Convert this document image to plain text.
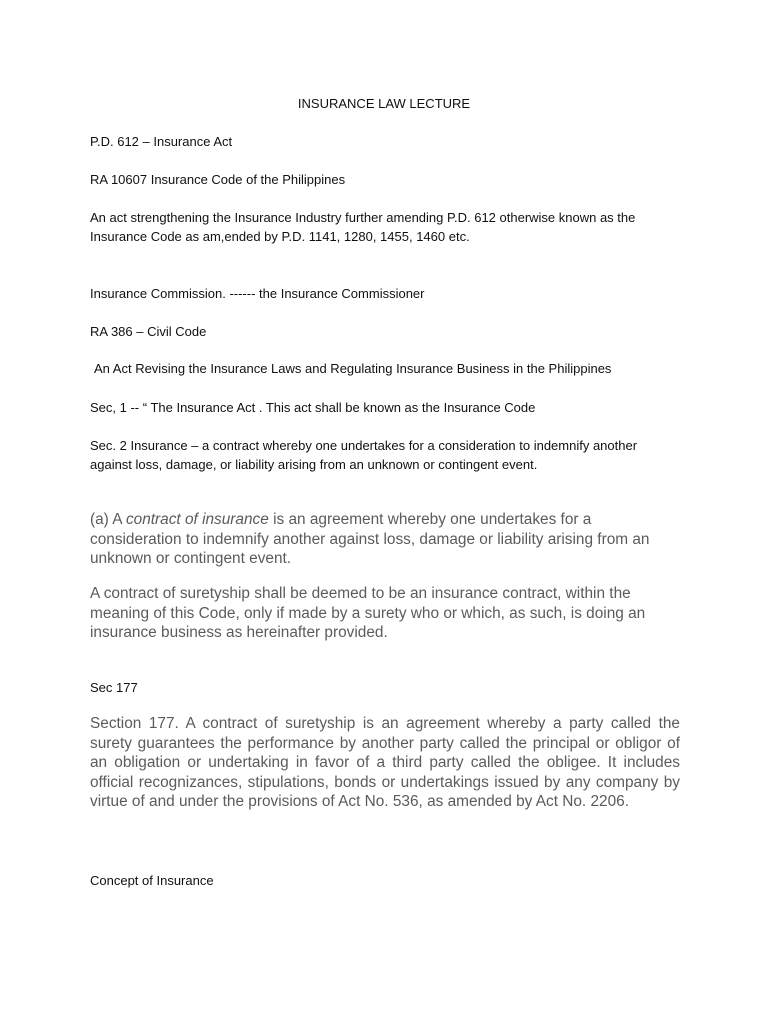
INSURANCE LAW LECTURE

P.D. 612 – Insurance Act

RA 10607 Insurance Code of the Philippines

An act strengthening the Insurance Industry further amending P.D. 612 otherwise known as the Insurance Code as am,ended by P.D. 1141, 1280, 1455, 1460 etc.

Insurance Commission. ------ the Insurance Commissioner

RA 386 – Civil Code

An Act Revising the Insurance Laws and Regulating Insurance Business in the Philippines

Sec, 1 -- “ The Insurance Act . This act shall be known as the Insurance Code

Sec. 2 Insurance – a contract whereby one undertakes for a consideration to indemnify another against loss, damage, or liability arising from an unknown or contingent event.

(a) A contract of insurance is an agreement whereby one undertakes for a consideration to indemnify another against loss, damage or liability arising from an unknown or contingent event.

A contract of suretyship shall be deemed to be an insurance contract, within the meaning of this Code, only if made by a surety who or which, as such, is doing an insurance business as hereinafter provided.

Sec 177

Section 177. A contract of suretyship is an agreement whereby a party called the surety guarantees the performance by another party called the principal or obligor of an obligation or undertaking in favor of a third party called the obligee. It includes official recognizances, stipulations, bonds or undertakings issued by any company by virtue of and under the provisions of Act No. 536, as amended by Act No. 2206.

Concept of Insurance
